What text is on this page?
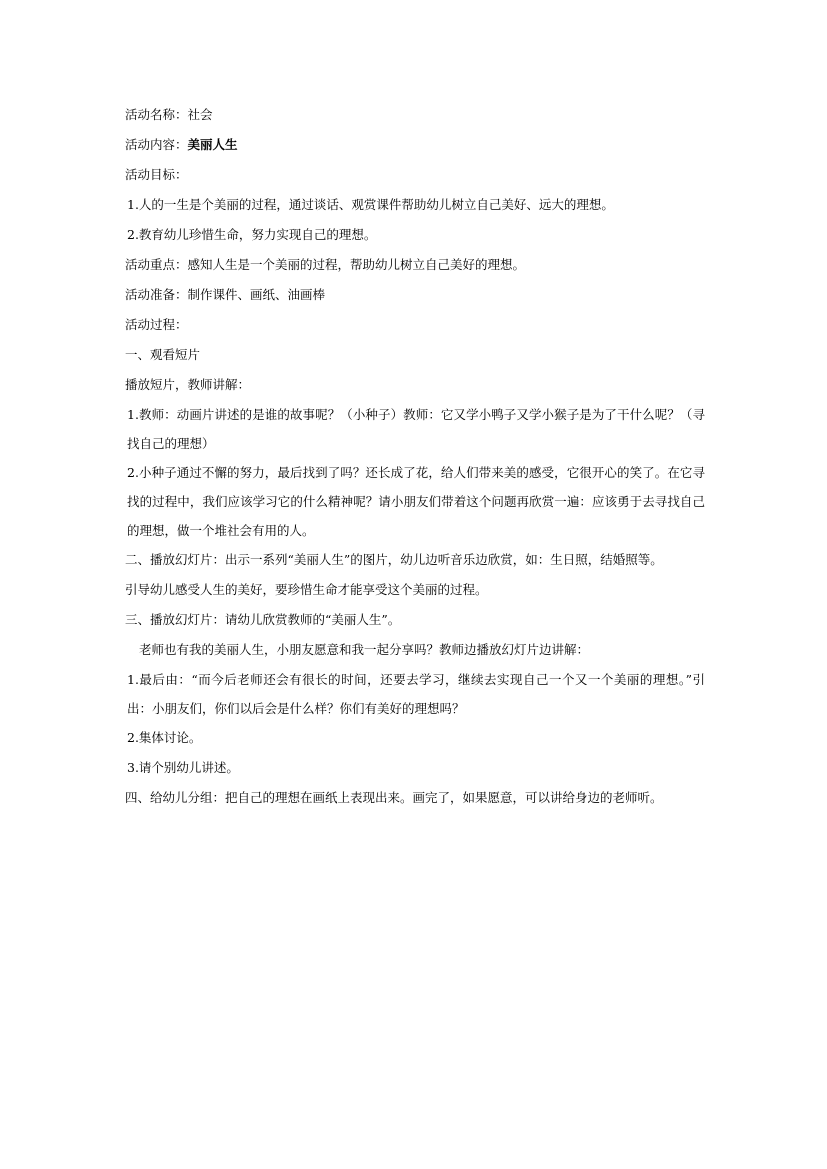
活动名称：社会
活动内容：美丽人生
活动目标：
1.人的一生是个美丽的过程，通过谈话、观赏课件帮助幼儿树立自己美好、远大的理想。
2.教育幼儿珍惜生命，努力实现自己的理想。
活动重点：感知人生是一个美丽的过程，帮助幼儿树立自己美好的理想。
活动准备：制作课件、画纸、油画棒
活动过程：
一、观看短片
播放短片，教师讲解：
1.教师：动画片讲述的是谁的故事呢？（小种子）教师：它又学小鸭子又学小猴子是为了干什么呢？（寻找自己的理想）
2.小种子通过不懈的努力，最后找到了吗？还长成了花，给人们带来美的感受，它很开心的笑了。在它寻找的过程中，我们应该学习它的什么精神呢？请小朋友们带着这个问题再欣赏一遍：应该勇于去寻找自己的理想，做一个堆社会有用的人。
二、播放幻灯片：出示一系列“美丽人生”的图片，幼儿边听音乐边欣赏，如：生日照，结婚照等。
引导幼儿感受人生的美好，要珍惜生命才能享受这个美丽的过程。
三、播放幻灯片：请幼儿欣赏教师的“美丽人生”。
老师也有我的美丽人生，小朋友愿意和我一起分享吗？教师边播放幻灯片边讲解：
1.最后由：“而今后老师还会有很长的时间，还要去学习，继续去实现自己一个又一个美丽的理想。”引出：小朋友们，你们以后会是什么样？你们有美好的理想吗？
2.集体讨论。
3.请个别幼儿讲述。
四、给幼儿分组：把自己的理想在画纸上表现出来。画完了，如果愿意，可以讲给身边的老师听。
